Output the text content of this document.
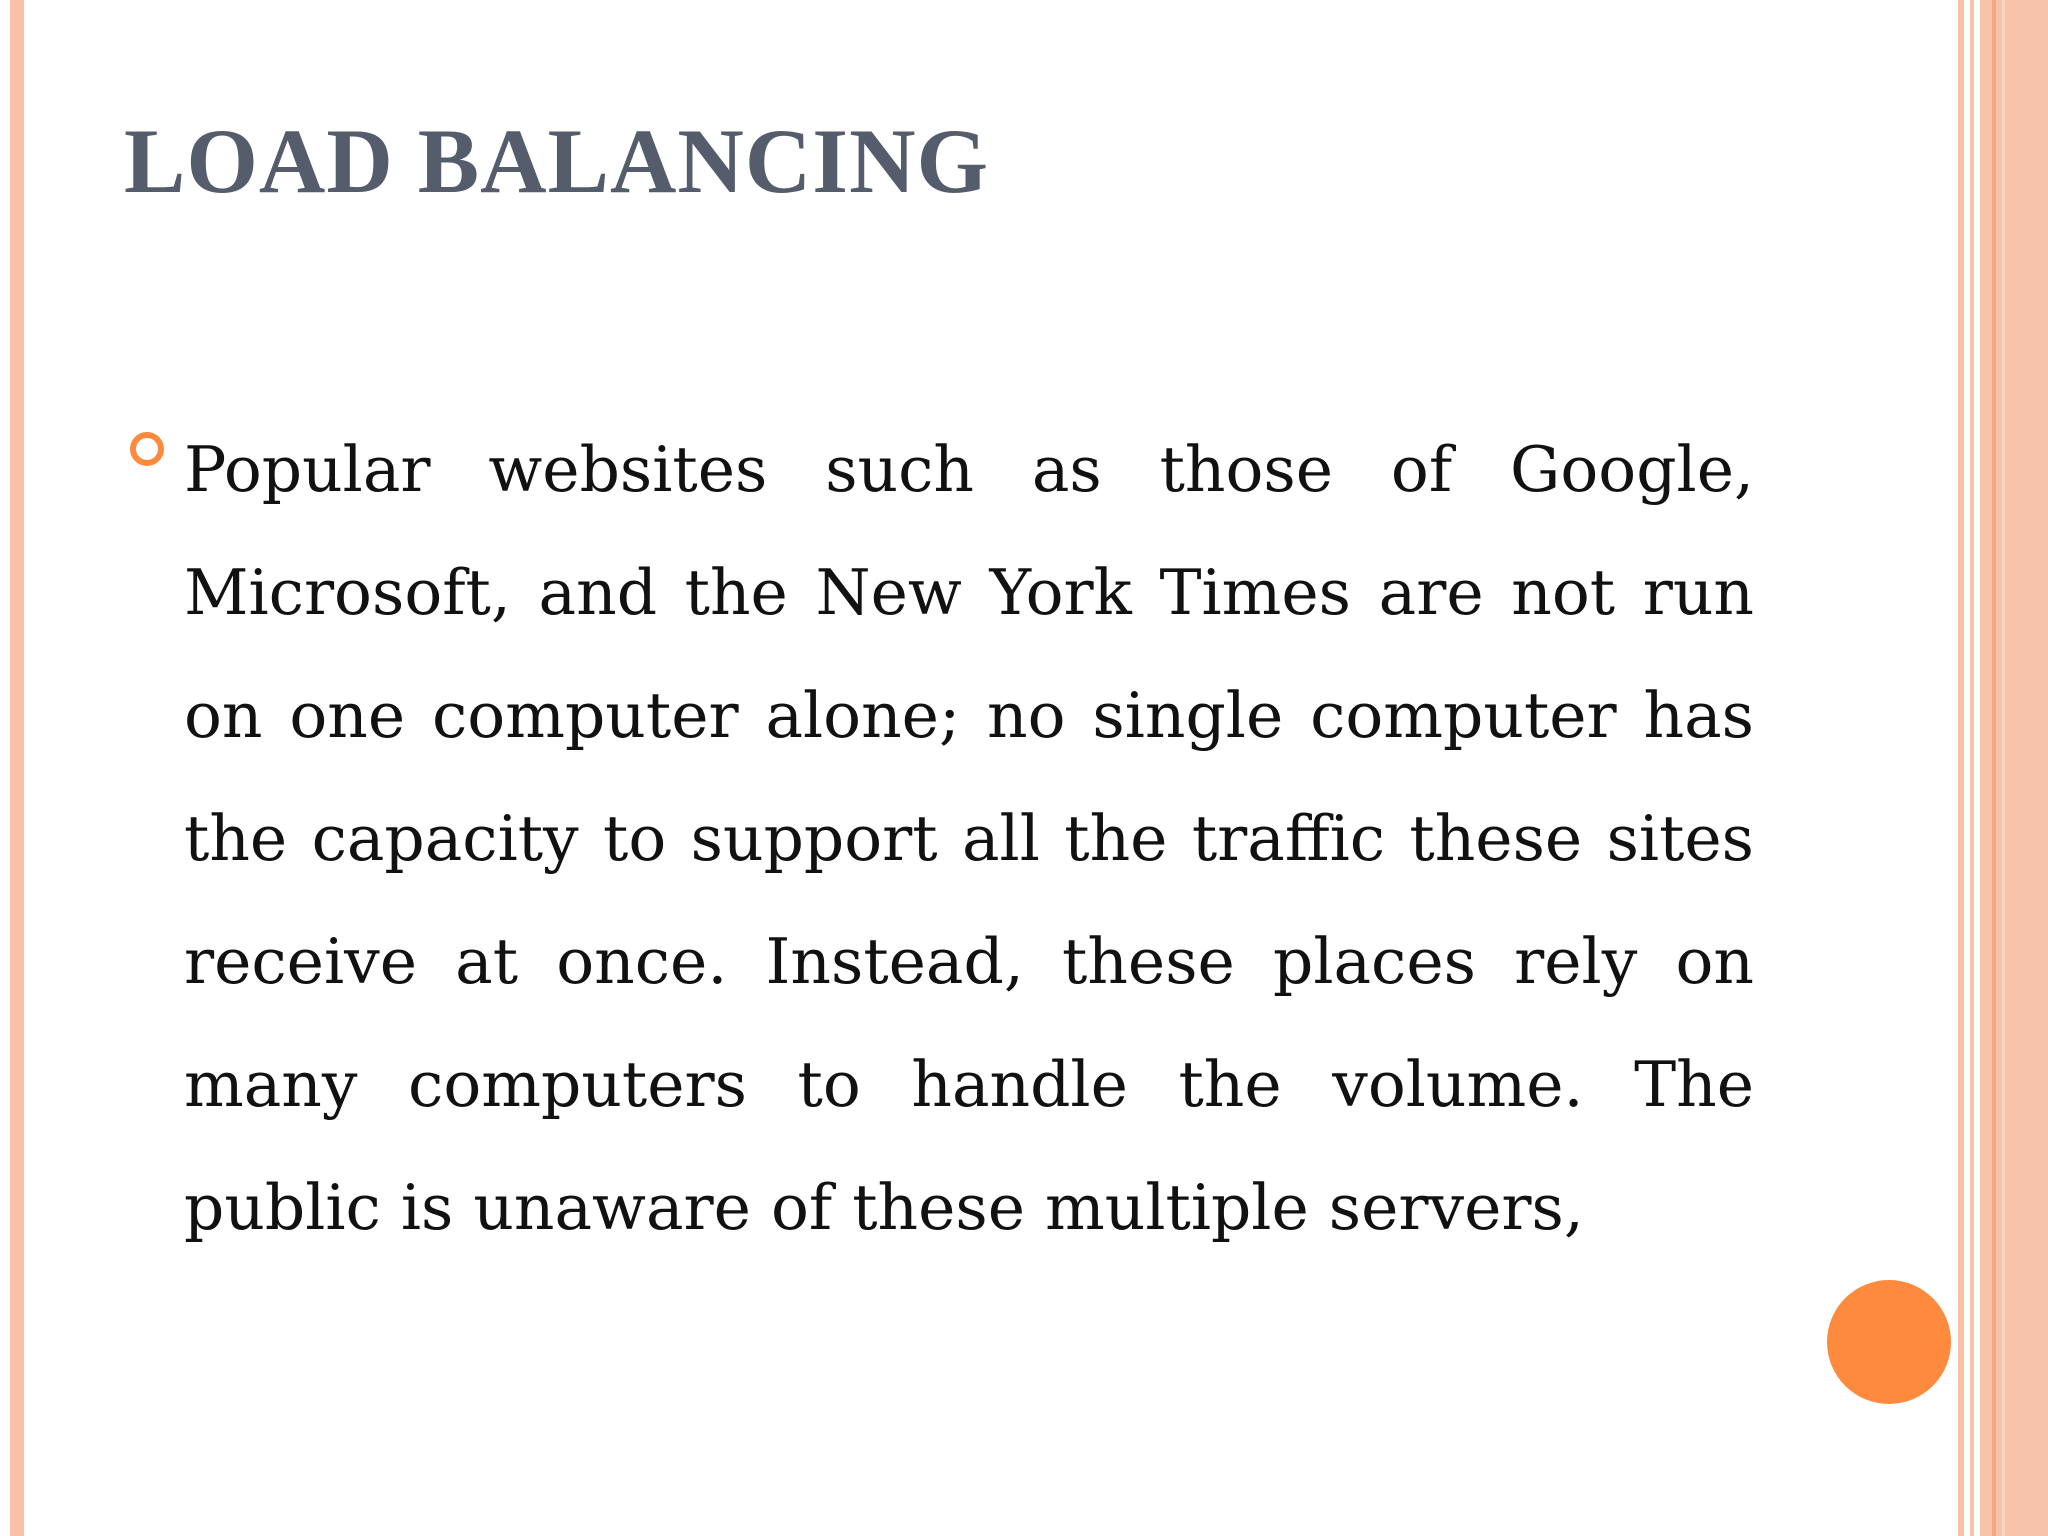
LOAD BALANCING

Popular websites such as those of Google, Microsoft, and the New York Times are not run on one computer alone; no single computer has the capacity to support all the traffic these sites receive at once. Instead, these places rely on many computers to handle the volume. The public is unaware of these multiple servers,
